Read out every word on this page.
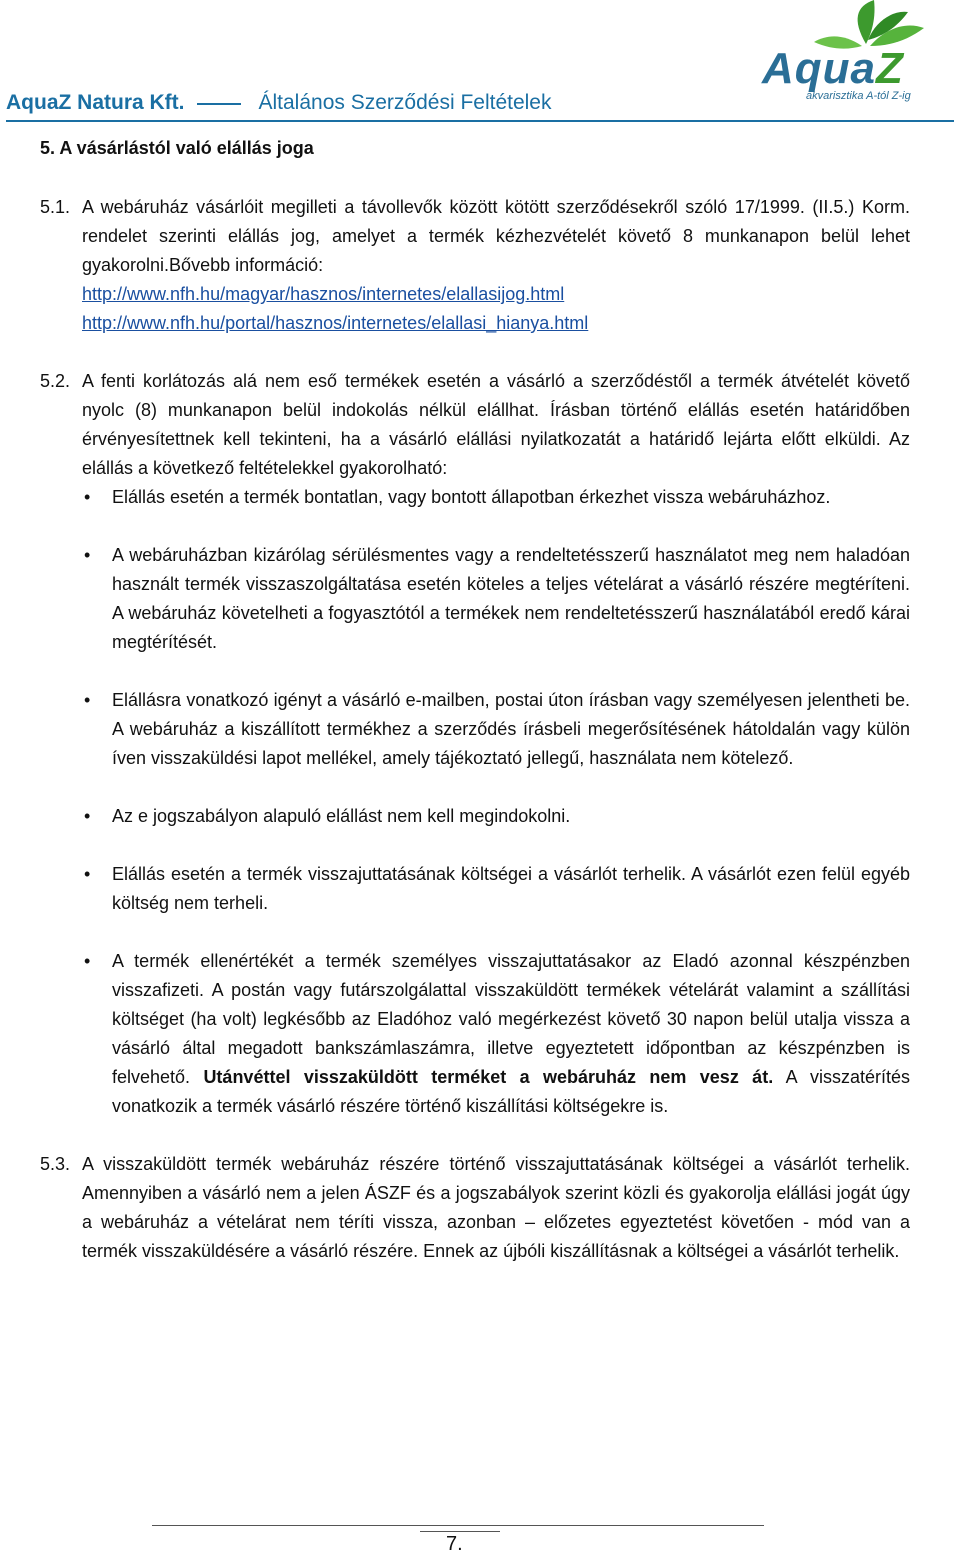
AquaZ Natura Kft.	Általános Szerződési Feltételek
AquaZ
akvarisztika A-tól Z-ig
5. A vásárlástól való elállás joga
5.1. A webáruház vásárlóit megilleti a távollevők között kötött szerződésekről szóló 17/1999. (II.5.) Korm. rendelet szerinti elállás jog, amelyet a termék kézhezvételét követő 8 munkanapon belül lehet gyakorolni.Bővebb információ:
http://www.nfh.hu/magyar/hasznos/internetes/elallasijog.html
http://www.nfh.hu/portal/hasznos/internetes/elallasi_hianya.html
5.2. A fenti korlátozás alá nem eső termékek esetén a vásárló a szerződéstől a termék átvételét követő nyolc (8) munkanapon belül indokolás nélkül elállhat. Írásban történő elállás esetén határidőben érvényesítettnek kell tekinteni, ha a vásárló elállási nyilatkozatát a határidő lejárta előtt elküldi. Az elállás a következő feltételekkel gyakorolható:
•	Elállás esetén a termék bontatlan, vagy bontott állapotban érkezhet vissza webáruházhoz.
•	A webáruházban kizárólag sérülésmentes vagy a rendeltetésszerű használatot meg nem haladóan használt termék visszaszolgáltatása esetén köteles a teljes vételárat a vásárló részére megtéríteni. A webáruház követelheti a fogyasztótól a termékek nem rendeltetésszerű használatából eredő kárai megtérítését.
•	Elállásra vonatkozó igényt a vásárló e-mailben, postai úton írásban vagy személyesen jelentheti be. A webáruház a kiszállított termékhez a szerződés írásbeli megerősítésének hátoldalán vagy külön íven visszaküldési lapot mellékel, amely tájékoztató jellegű, használata nem kötelező.
•	Az e jogszabályon alapuló elállást nem kell megindokolni.
•	Elállás esetén a termék visszajuttatásának költségei a vásárlót terhelik. A vásárlót ezen felül egyéb költség nem terheli.
•	A termék ellenértékét a termék személyes visszajuttatásakor az Eladó azonnal készpénzben visszafizeti. A postán vagy futárszolgálattal visszaküldött termékek vételárát valamint a szállítási költséget (ha volt) legkésőbb az Eladóhoz való megérkezést követő 30 napon belül utalja vissza a vásárló által megadott bankszámlaszámra, illetve egyeztetett időpontban az készpénzben is felvehető. Utánvéttel visszaküldött terméket a webáruház nem vesz át. A visszatérítés vonatkozik a termék vásárló részére történő kiszállítási költségekre is.
5.3. A visszaküldött termék webáruház részére történő visszajuttatásának költségei a vásárlót terhelik. Amennyiben a vásárló nem a jelen ÁSZF és a jogszabályok szerint közli és gyakorolja elállási jogát úgy a webáruház a vételárat nem téríti vissza, azonban – előzetes egyeztetést követően - mód van a termék visszaküldésére a vásárló részére. Ennek az újbóli kiszállításnak a költségei a vásárlót terhelik.
7.
